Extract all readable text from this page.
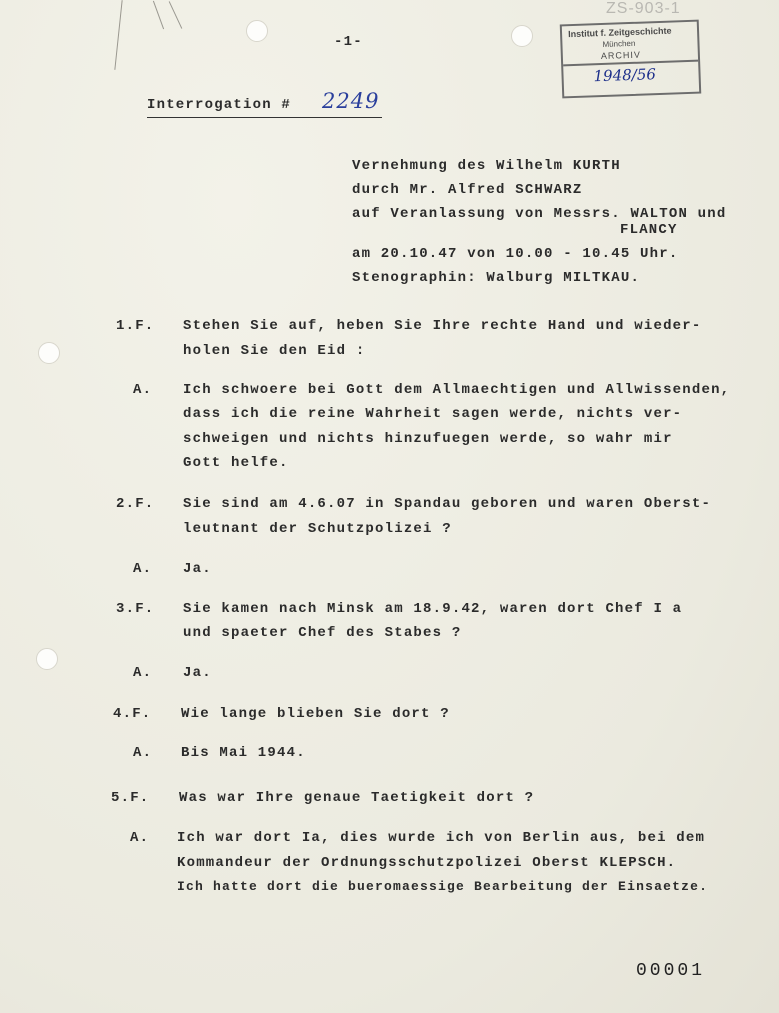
ZS-903-1
Institut f. Zeitgeschichte
München
ARCHIV
1948/56
-1-
Interrogation # 2249
Vernehmung des Wilhelm KURTH
durch Mr. Alfred SCHWARZ
auf Veranlassung von Messrs. WALTON und
FLANCY
am 20.10.47 von 10.00 - 10.45 Uhr.
Stenographin: Walburg MILTKAU.
1.F. Stehen Sie auf, heben Sie Ihre rechte Hand und wieder-
holen Sie den Eid :
A. Ich schwoere bei Gott dem Allmaechtigen und Allwissenden,
dass ich die reine Wahrheit sagen werde, nichts ver-
schweigen und nichts hinzufuegen werde, so wahr mir
Gott helfe.
2.F. Sie sind am 4.6.07 in Spandau geboren und waren Oberst-
leutnant der Schutzpolizei ?
A. Ja.
3.F. Sie kamen nach Minsk am 18.9.42, waren dort Chef I a
und spaeter Chef des Stabes ?
A. Ja.
4.F. Wie lange blieben Sie dort ?
A. Bis Mai 1944.
5.F. Was war Ihre genaue Taetigkeit dort ?
A. Ich war dort Ia, dies wurde ich von Berlin aus, bei dem
Kommandeur der Ordnungsschutzpolizei Oberst KLEPSCH.
Ich hatte dort die bueromaessige Bearbeitung der Einsaetze.
00001
